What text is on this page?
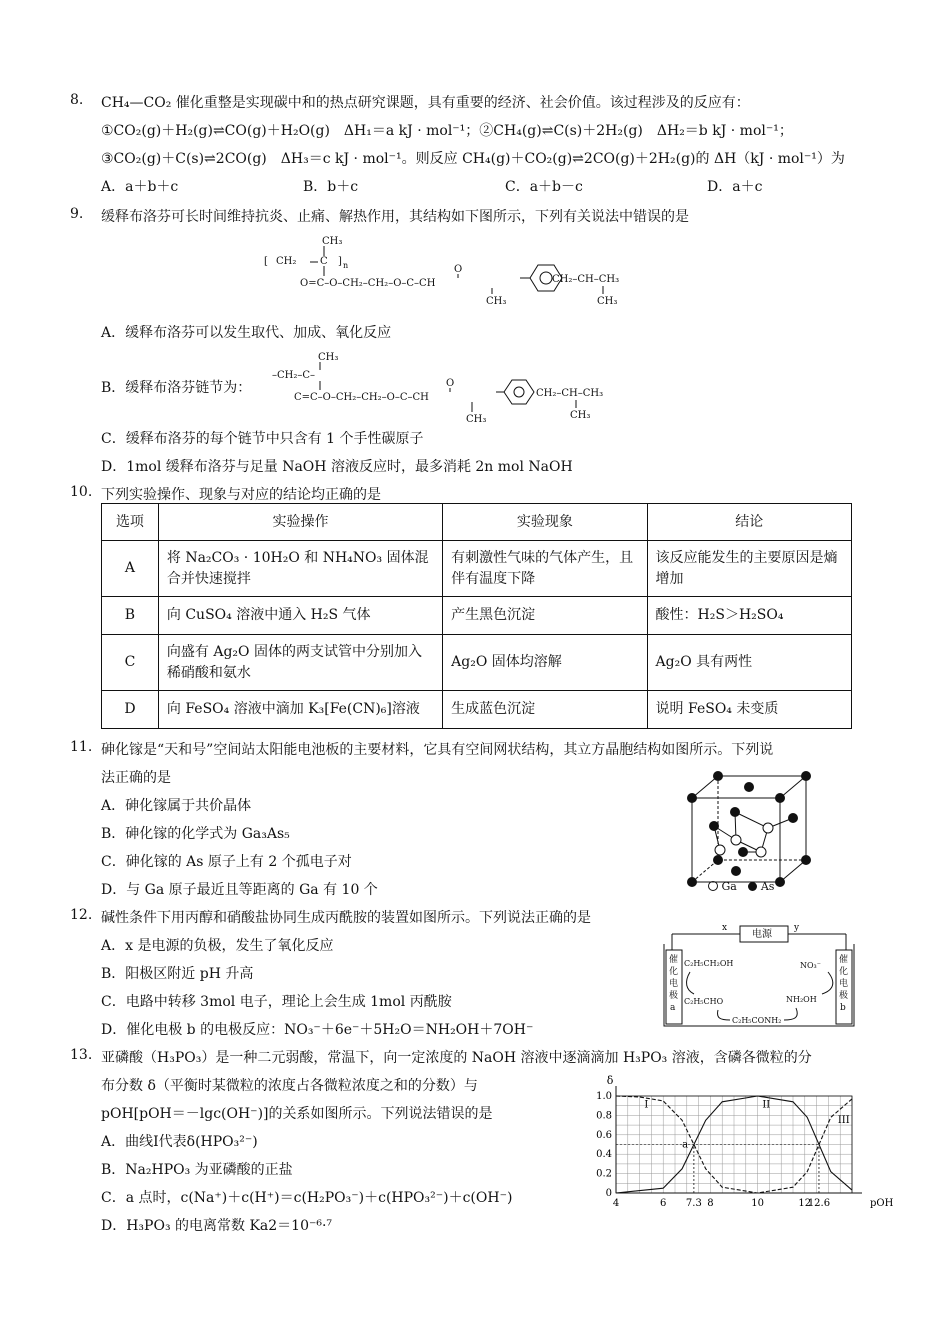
8. CH₄—CO₂ 催化重整是实现碳中和的热点研究课题，具有重要的经济、社会价值。该过程涉及的反应有：
①CO₂(g)＋H₂(g)⇌CO(g)＋H₂O(g)　ΔH₁＝a kJ · mol⁻¹；②CH₄(g)⇌C(s)＋2H₂(g)　ΔH₂＝b kJ · mol⁻¹；
③CO₂(g)＋C(s)⇌2CO(g)　ΔH₃＝c kJ · mol⁻¹。则反应 CH₄(g)＋CO₂(g)⇌2CO(g)＋2H₂(g)的 ΔH（kJ · mol⁻¹）为
A．a＋b＋c	B．b＋c	C．a＋b－c	D．a＋c
9. 缓释布洛芬可长时间维持抗炎、止痛、解热作用，其结构如下图所示，下列有关说法中错误的是
CH₃
[ CH₂ C ] n
O=C–O–CH₂–CH₂–O–C–CH
O
CH₃
CH₂–CH–CH₃
CH₃
A．缓释布洛芬可以发生取代、加成、氧化反应
B．缓释布洛芬链节为：
CH₃
–CH₂–C–
C=C–O–CH₂–CH₂–O–C–CH
O
CH₃
CH₂–CH–CH₃
CH₃
C．缓释布洛芬的每个链节中只含有 1 个手性碳原子
D．1mol 缓释布洛芬与足量 NaOH 溶液反应时，最多消耗 2n mol NaOH
10. 下列实验操作、现象与对应的结论均正确的是
选项	实验操作	实验现象	结论
A	将 Na₂CO₃ · 10H₂O 和 NH₄NO₃ 固体混合并快速搅拌	有刺激性气味的气体产生，且伴有温度下降	该反应能发生的主要原因是熵增加
B	向 CuSO₄ 溶液中通入 H₂S 气体	产生黑色沉淀	酸性：H₂S＞H₂SO₄
C	向盛有 Ag₂O 固体的两支试管中分别加入稀硝酸和氨水	Ag₂O 固体均溶解	Ag₂O 具有两性
D	向 FeSO₄ 溶液中滴加 K₃[Fe(CN)₆]溶液	生成蓝色沉淀	说明 FeSO₄ 未变质
11. 砷化镓是“天和号”空间站太阳能电池板的主要材料，它具有空间网状结构，其立方晶胞结构如图所示。下列说
法正确的是
A．砷化镓属于共价晶体
B．砷化镓的化学式为 Ga₃As₅
C．砷化镓的 As 原子上有 2 个孤电子对
D．与 Ga 原子最近且等距离的 Ga 有 10 个	Ga As
12. 碱性条件下用丙醇和硝酸盐协同生成丙酰胺的装置如图所示。下列说法正确的是
A．x 是电源的负极，发生了氧化反应
B．阳极区附近 pH 升高
C．电路中转移 3mol 电子，理论上会生成 1mol 丙酰胺
D．催化电极 b 的电极反应：NO₃⁻＋6e⁻＋5H₂O＝NH₂OH＋7OH⁻
x	y
电源
催
化
电
极
a
催
化
电
极
b
C₂H₅CH₂OH
C₂H₅CHO
NO₃⁻
NH₂OH
C₂H₅CONH₂
13. 亚磷酸（H₃PO₃）是一种二元弱酸，常温下，向一定浓度的 NaOH 溶液中逐滴滴加 H₃PO₃ 溶液，含磷各微粒的分
布分数 δ（平衡时某微粒的浓度占各微粒浓度之和的分数）与
pOH[pOH＝－lgc(OH⁻)]的关系如图所示。下列说法错误的是
A．曲线Ⅰ代表δ(HPO₃²⁻)
B．Na₂HPO₃ 为亚磷酸的正盐
C．a 点时，c(Na⁺)＋c(H⁺)＝c(H₂PO₃⁻)＋c(HPO₃²⁻)＋c(OH⁻)
D．H₃PO₃ 的电离常数 Ka2＝10⁻⁶·⁷
0
0.2
0.4
0.6
0.8
1.0
4	6 7.3 8	10	12
12.6	pOH
δ
I	II
III
a
